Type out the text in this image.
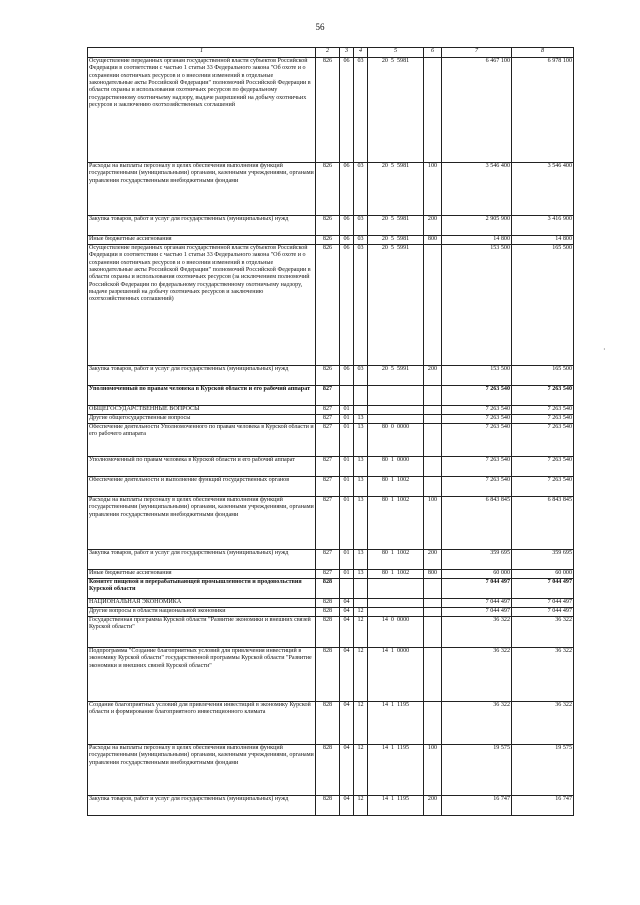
56
1	2	3	4	5	6	7	8
Осуществление переданных органам государственной власти субъектов Российской Федерации в соответствии с частью 1 статьи 33 Федерального закона "Об охоте и о сохранении охотничьих ресурсов и о внесении изменений в отдельные законодательные акты Российской Федерации" полномочий Российской Федерации в области охраны и использования охотничьих ресурсов по федеральному государственному охотничьему надзору, выдаче разрешений на добычу охотничьих ресурсов и заключению охотхозяйственных соглашений	826	06	03	20 5 5981		6 467 100	6 978 100
Расходы на выплаты персоналу в целях обеспечения выполнения функций государственными (муниципальными) органами, казенными учреждениями, органами управления государственными внебюджетными фондами	826	06	03	20 5 5981	100	3 546 400	3 546 400
Закупка товаров, работ и услуг для государственных (муниципальных) нужд	826	06	03	20 5 5981	200	2 905 900	3 416 900
Иные бюджетные ассигнования	826	06	03	20 5 5981	800	14 800	14 800
Осуществление переданных органам государственной власти субъектов Российской Федерации в соответствии с частью 1 статьи 33 Федерального закона "Об охоте и о сохранении охотничьих ресурсов и о внесении изменений в отдельные законодательные акты Российской Федерации" полномочий Российской Федерации в области охраны и использования охотничьих ресурсов (за исключением полномочий Российской Федерации по федеральному государственному охотничьему надзору, выдаче разрешений на добычу охотничьих ресурсов и заключению охотхозяйственных соглашений)	826	06	03	20 5 5991		153 500	165 500
Закупка товаров, работ и услуг для государственных (муниципальных) нужд	826	06	03	20 5 5991	200	153 500	165 500
Уполномоченный по правам человека в Курской области и его рабочий аппарат	827					7 263 540	7 263 540
ОБЩЕГОСУДАРСТВЕННЫЕ ВОПРОСЫ	827	01				7 263 540	7 263 540
Другие общегосударственные вопросы	827	01	13			7 263 540	7 263 540
Обеспечение деятельности Уполномоченного по правам человека в Курской области и его рабочего аппарата	827	01	13	80 0 0000		7 263 540	7 263 540
Уполномоченный по правам человека в Курской области и его рабочий аппарат	827	01	13	80 1 0000		7 263 540	7 263 540
Обеспечение деятельности и выполнение функций государственных органов	827	01	13	80 1 1002		7 263 540	7 263 540
Расходы на выплаты персоналу в целях обеспечения выполнения функций государственными (муниципальными) органами, казенными учреждениями, органами управления государственными внебюджетными фондами	827	01	13	80 1 1002	100	6 843 845	6 843 845
Закупка товаров, работ и услуг для государственных (муниципальных) нужд	827	01	13	80 1 1002	200	359 695	359 695
Иные бюджетные ассигнования	827	01	13	80 1 1002	800	60 000	60 000
Комитет пищевой и перерабатывающей промышленности и продовольствия Курской области	828					7 044 497	7 044 497
НАЦИОНАЛЬНАЯ ЭКОНОМИКА	828	04				7 044 497	7 044 497
Другие вопросы в области национальной экономики	828	04	12			7 044 497	7 044 497
Государственная программа Курской области "Развитие экономики и внешних связей Курской области"	828	04	12	14 0 0000		36 322	36 322
Подпрограмма "Создание благоприятных условий для привлечения инвестиций в экономику Курской области" государственной программы Курской области "Развитие экономики и внешних связей Курской области"	828	04	12	14 1 0000		36 322	36 322
Создание благоприятных условий для привлечения инвестиций в экономику Курской области и формирование благоприятного инвестиционного климата	828	04	12	14 1 1195		36 322	36 322
Расходы на выплаты персоналу в целях обеспечения выполнения функций государственными (муниципальными) органами, казенными учреждениями, органами управления государственными внебюджетными фондами	828	04	12	14 1 1195	100	19 575	19 575
Закупка товаров, работ и услуг для государственных (муниципальных) нужд	828	04	12	14 1 1195	200	16 747	16 747
·
